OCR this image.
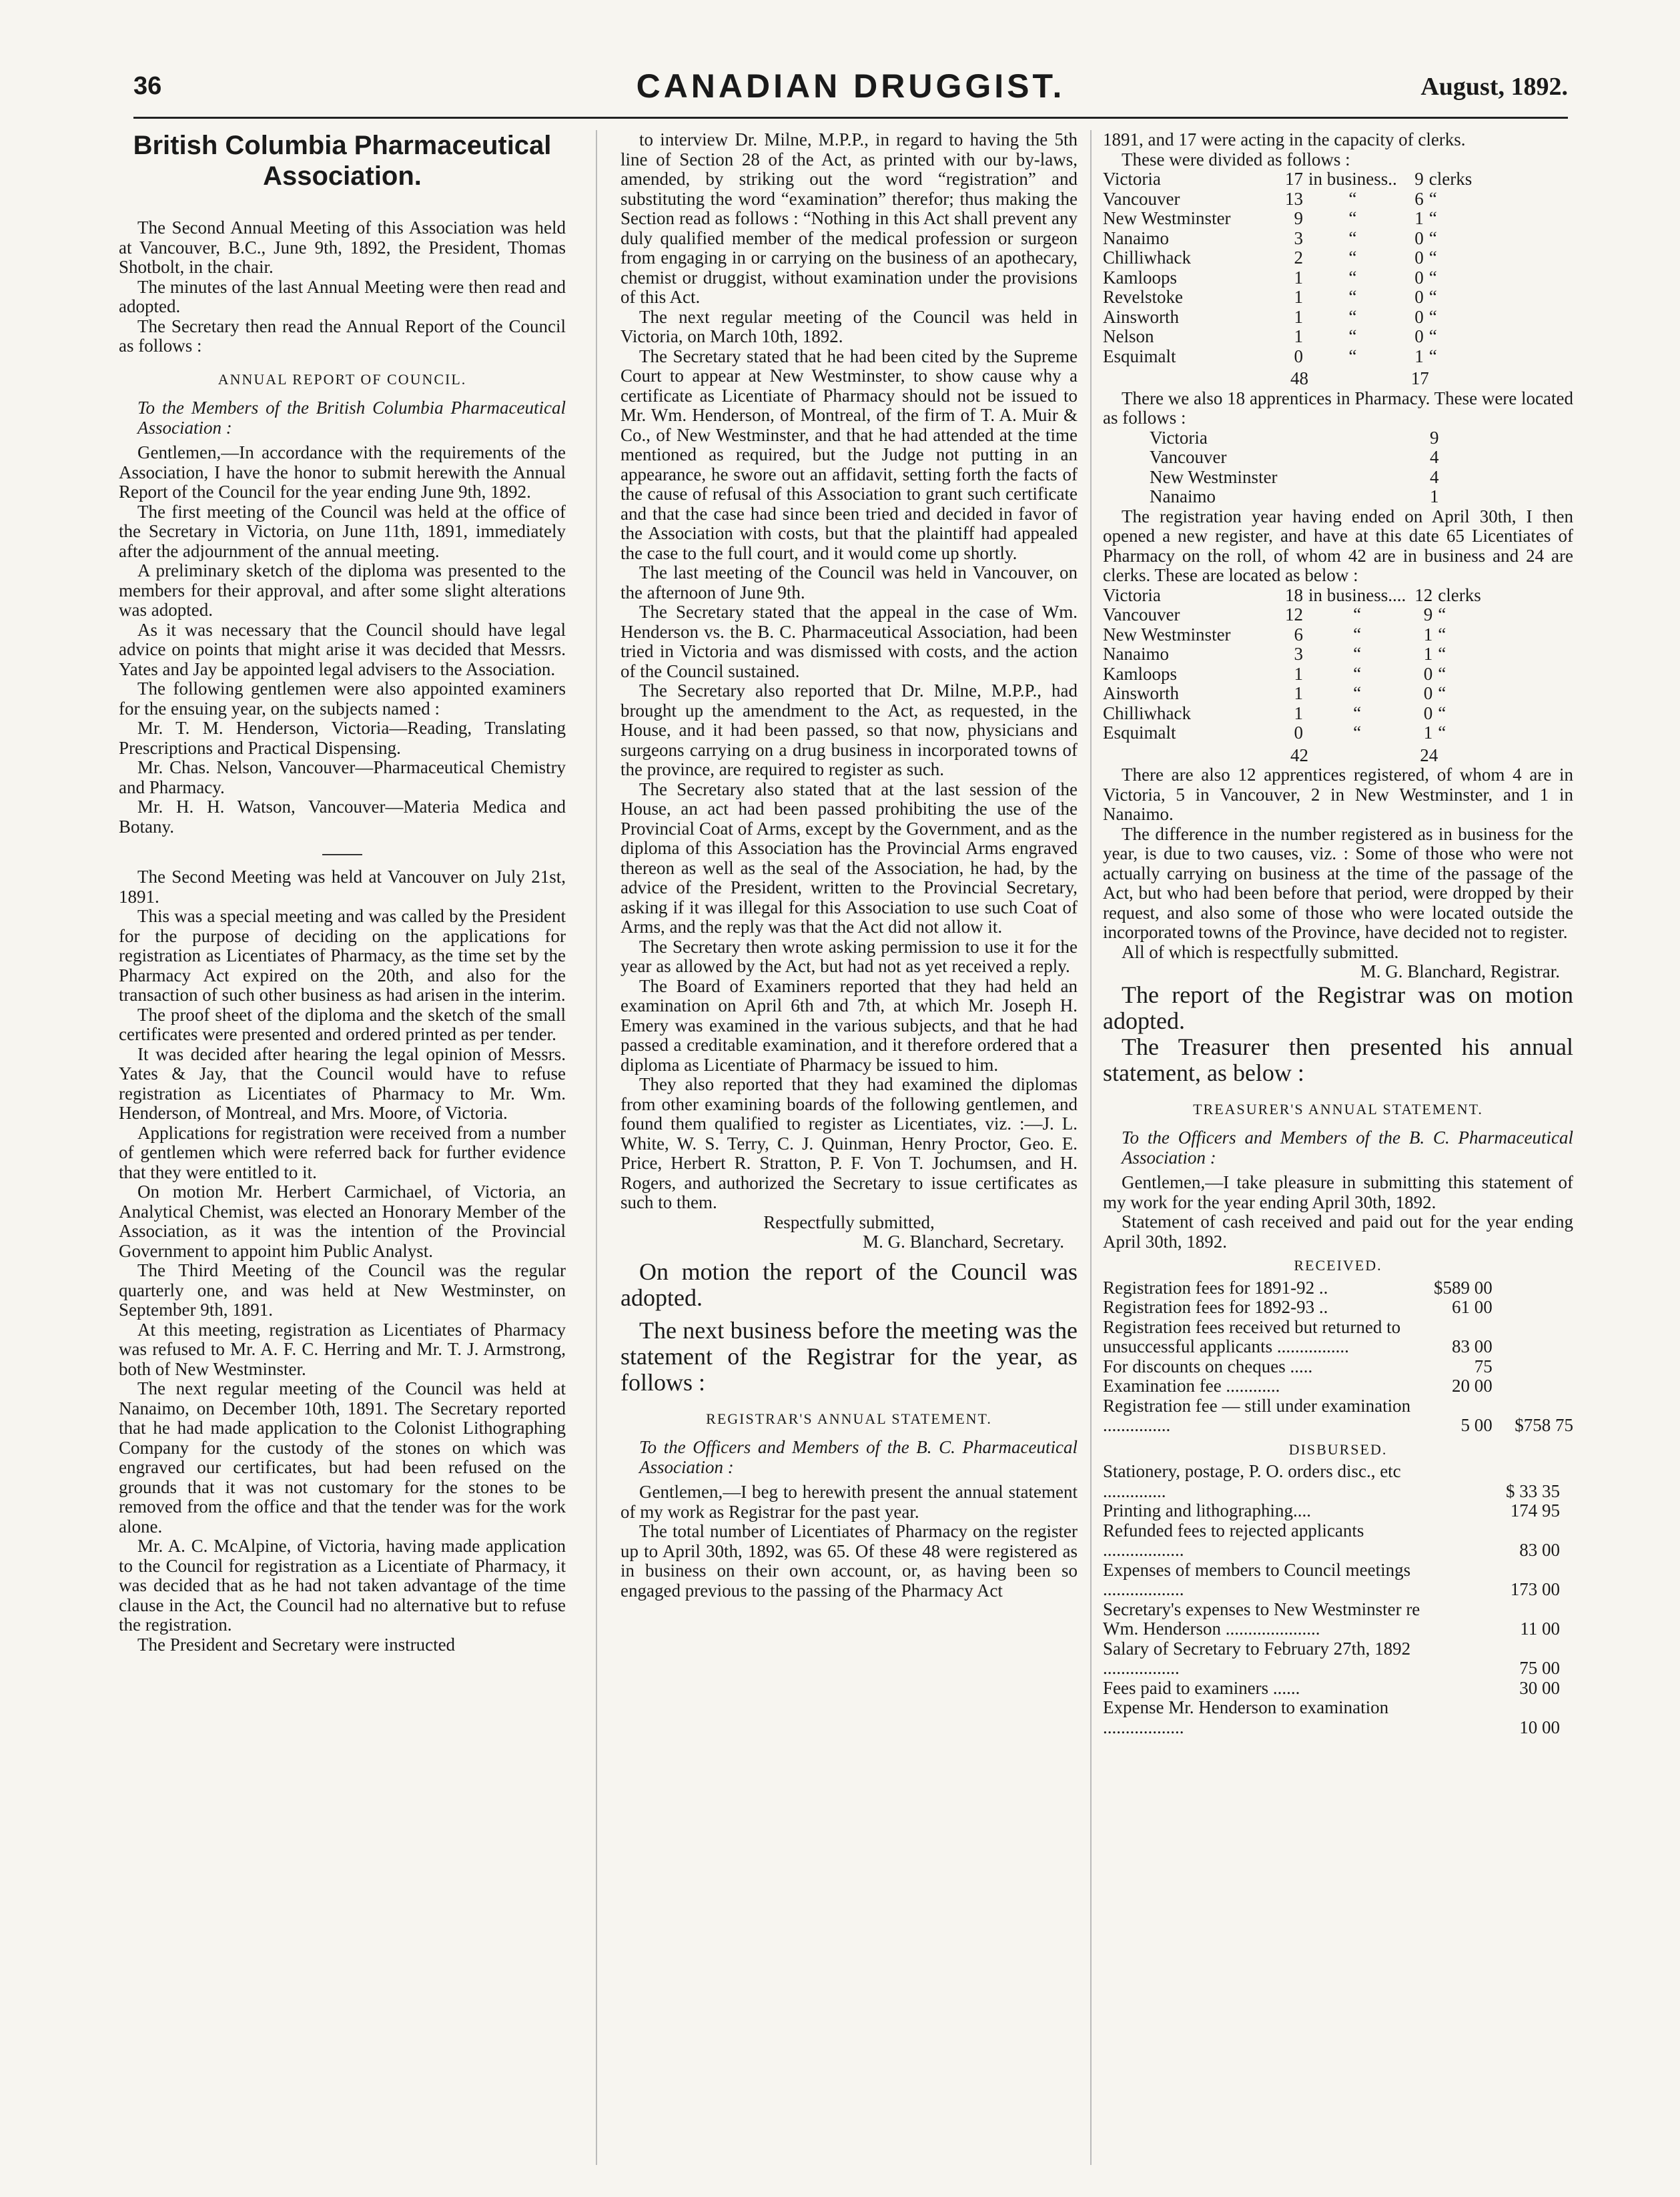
36	CANADIAN DRUGGIST.	August, 1892.
British Columbia Pharmaceutical Association.

The Second Annual Meeting of this Association was held at Vancouver, B.C., June 9th, 1892, the President, Thomas Shotbolt, in the chair.

The minutes of the last Annual Meeting were then read and adopted.

The Secretary then read the Annual Report of the Council as follows :

ANNUAL REPORT OF COUNCIL.

To the Members of the British Columbia Pharmaceutical Association :

Gentlemen,—In accordance with the requirements of the Association, I have the honor to submit herewith the Annual Report of the Council for the year ending June 9th, 1892.

The first meeting of the Council was held at the office of the Secretary in Victoria, on June 11th, 1891, immediately after the adjournment of the annual meeting.

A preliminary sketch of the diploma was presented to the members for their approval, and after some slight alterations was adopted.

As it was necessary that the Council should have legal advice on points that might arise it was decided that Messrs. Yates and Jay be appointed legal advisers to the Association.

The following gentlemen were also appointed examiners for the ensuing year, on the subjects named :

Mr. T. M. Henderson, Victoria—Reading, Translating Prescriptions and Practical Dispensing.

Mr. Chas. Nelson, Vancouver—Pharmaceutical Chemistry and Pharmacy.

Mr. H. H. Watson, Vancouver—Materia Medica and Botany.

The Second Meeting was held at Vancouver on July 21st, 1891.

This was a special meeting and was called by the President for the purpose of deciding on the applications for registration as Licentiates of Pharmacy, as the time set by the Pharmacy Act expired on the 20th, and also for the transaction of such other business as had arisen in the interim.

The proof sheet of the diploma and the sketch of the small certificates were presented and ordered printed as per tender.

It was decided after hearing the legal opinion of Messrs. Yates & Jay, that the Council would have to refuse registration as Licentiates of Pharmacy to Mr. Wm. Henderson, of Montreal, and Mrs. Moore, of Victoria.

Applications for registration were received from a number of gentlemen which were referred back for further evidence that they were entitled to it.

On motion Mr. Herbert Carmichael, of Victoria, an Analytical Chemist, was elected an Honorary Member of the Association, as it was the intention of the Provincial Government to appoint him Public Analyst.

The Third Meeting of the Council was the regular quarterly one, and was held at New Westminster, on September 9th, 1891.

At this meeting, registration as Licentiates of Pharmacy was refused to Mr. A. F. C. Herring and Mr. T. J. Armstrong, both of New Westminster.

The next regular meeting of the Council was held at Nanaimo, on December 10th, 1891. The Secretary reported that he had made application to the Colonist Lithographing Company for the custody of the stones on which was engraved our certificates, but had been refused on the grounds that it was not customary for the stones to be removed from the office and that the tender was for the work alone.

Mr. A. C. McAlpine, of Victoria, having made application to the Council for registration as a Licentiate of Pharmacy, it was decided that as he had not taken advantage of the time clause in the Act, the Council had no alternative but to refuse the registration.

The President and Secretary were instructed

to interview Dr. Milne, M.P.P., in regard to having the 5th line of Section 28 of the Act, as printed with our by-laws, amended, by striking out the word “registration” and substituting the word “examination” therefor; thus making the Section read as follows : “Nothing in this Act shall prevent any duly qualified member of the medical profession or surgeon from engaging in or carrying on the business of an apothecary, chemist or druggist, without examination under the provisions of this Act.

The next regular meeting of the Council was held in Victoria, on March 10th, 1892.

The Secretary stated that he had been cited by the Supreme Court to appear at New Westminster, to show cause why a certificate as Licentiate of Pharmacy should not be issued to Mr. Wm. Henderson, of Montreal, of the firm of T. A. Muir & Co., of New Westminster, and that he had attended at the time mentioned as required, but the Judge not putting in an appearance, he swore out an affidavit, setting forth the facts of the cause of refusal of this Association to grant such certificate and that the case had since been tried and decided in favor of the Association with costs, but that the plaintiff had appealed the case to the full court, and it would come up shortly.

The last meeting of the Council was held in Vancouver, on the afternoon of June 9th.

The Secretary stated that the appeal in the case of Wm. Henderson vs. the B. C. Pharmaceutical Association, had been tried in Victoria and was dismissed with costs, and the action of the Council sustained.

The Secretary also reported that Dr. Milne, M.P.P., had brought up the amendment to the Act, as requested, in the House, and it had been passed, so that now, physicians and surgeons carrying on a drug business in incorporated towns of the province, are required to register as such.

The Secretary also stated that at the last session of the House, an act had been passed prohibiting the use of the Provincial Coat of Arms, except by the Government, and as the diploma of this Association has the Provincial Arms engraved thereon as well as the seal of the Association, he had, by the advice of the President, written to the Provincial Secretary, asking if it was illegal for this Association to use such Coat of Arms, and the reply was that the Act did not allow it.

The Secretary then wrote asking permission to use it for the year as allowed by the Act, but had not as yet received a reply.

The Board of Examiners reported that they had held an examination on April 6th and 7th, at which Mr. Joseph H. Emery was examined in the various subjects, and that he had passed a creditable examination, and it therefore ordered that a diploma as Licentiate of Pharmacy be issued to him.

They also reported that they had examined the diplomas from other examining boards of the following gentlemen, and found them qualified to register as Licentiates, viz. :—J. L. White, W. S. Terry, C. J. Quinman, Henry Proctor, Geo. E. Price, Herbert R. Stratton, P. F. Von T. Jochumsen, and H. Rogers, and authorized the Secretary to issue certificates as such to them.

Respectfully submitted,

M. G. Blanchard, Secretary.

On motion the report of the Council was adopted.

The next business before the meeting was the statement of the Registrar for the year, as follows :

REGISTRAR'S ANNUAL STATEMENT.

To the Officers and Members of the B. C. Pharmaceutical Association :

Gentlemen,—I beg to herewith present the annual statement of my work as Registrar for the past year.

The total number of Licentiates of Pharmacy on the register up to April 30th, 1892, was 65. Of these 48 were registered as in business on their own account, or, as having been so engaged previous to the passing of the Pharmacy Act

1891, and 17 were acting in the capacity of clerks.

These were divided as follows :

Victoria	17	in business..	9	clerks
Vancouver	13	“	6	“
New Westminster	9	“	1	“
Nanaimo	3	“	0	“
Chilliwhack	2	“	0	“
Kamloops	1	“	0	“
Revelstoke	1	“	0	“
Ainsworth	1	“	0	“
Nelson	1	“	0	“
Esquimalt	0	“	1	“
	48		17	

There we also 18 apprentices in Pharmacy. These were located as follows :

Victoria	9
Vancouver	4
New Westminster	4
Nanaimo	1

The registration year having ended on April 30th, I then opened a new register, and have at this date 65 Licentiates of Pharmacy on the roll, of whom 42 are in business and 24 are clerks. These are located as below :

Victoria	18	in business....	12	clerks
Vancouver	12	“	9	“
New Westminster	6	“	1	“
Nanaimo	3	“	1	“
Kamloops	1	“	0	“
Ainsworth	1	“	0	“
Chilliwhack	1	“	0	“
Esquimalt	0	“	1	“
	42		24	

There are also 12 apprentices registered, of whom 4 are in Victoria, 5 in Vancouver, 2 in New Westminster, and 1 in Nanaimo.

The difference in the number registered as in business for the year, is due to two causes, viz. : Some of those who were not actually carrying on business at the time of the passage of the Act, but who had been before that period, were dropped by their request, and also some of those who were located outside the incorporated towns of the Province, have decided not to register.

All of which is respectfully submitted.

M. G. Blanchard, Registrar.

The report of the Registrar was on motion adopted.

The Treasurer then presented his annual statement, as below :

TREASURER'S ANNUAL STATEMENT.

To the Officers and Members of the B. C. Pharmaceutical Association :

Gentlemen,—I take pleasure in submitting this statement of my work for the year ending April 30th, 1892.

Statement of cash received and paid out for the year ending April 30th, 1892.

RECEIVED.
Registration fees for 1891-92 ..	$589 00	
Registration fees for 1892-93 ..	61 00	
Registration fees received but returned to unsuccessful applicants ................	83 00	
For discounts on cheques .....	75	
Examination fee ............	20 00	
Registration fee — still under examination ...............	5 00	$758 75
DISBURSED.
Stationery, postage, P. O. orders disc., etc ..............	$ 33 35	
Printing and lithographing....	174 95	
Refunded fees to rejected applicants ..................	83 00	
Expenses of members to Council meetings ..................	173 00	
Secretary's expenses to New Westminster re Wm. Henderson .....................	11 00	
Salary of Secretary to February 27th, 1892 .................	75 00	
Fees paid to examiners ......	30 00	
Expense Mr. Henderson to examination ..................	10 00	
